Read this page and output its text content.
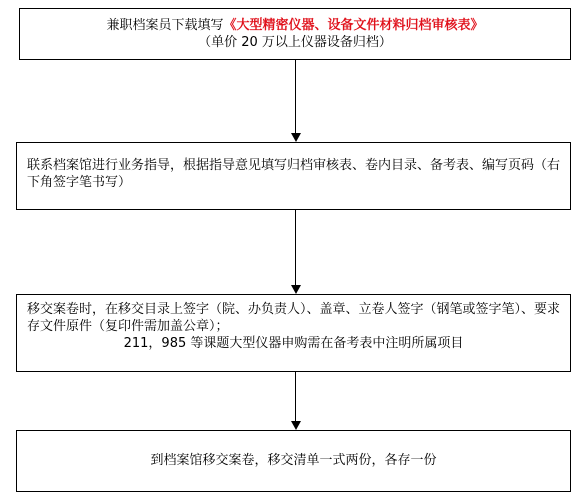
兼职档案员下载填写《大型精密仪器、设备文件材料归档审核表》
（单价 20 万以上仪器设备归档）
联系档案馆进行业务指导，根据指导意见填写归档审核表、卷内目录、备考表、编写页码（右下角签字笔书写）
移交案卷时，在移交目录上签字（院、办负责人）、盖章、立卷人签字（钢笔或签字笔）、要求存文件原件（复印件需加盖公章）；
211，985 等课题大型仪器申购需在备考表中注明所属项目
到档案馆移交案卷，移交清单一式两份，各存一份
